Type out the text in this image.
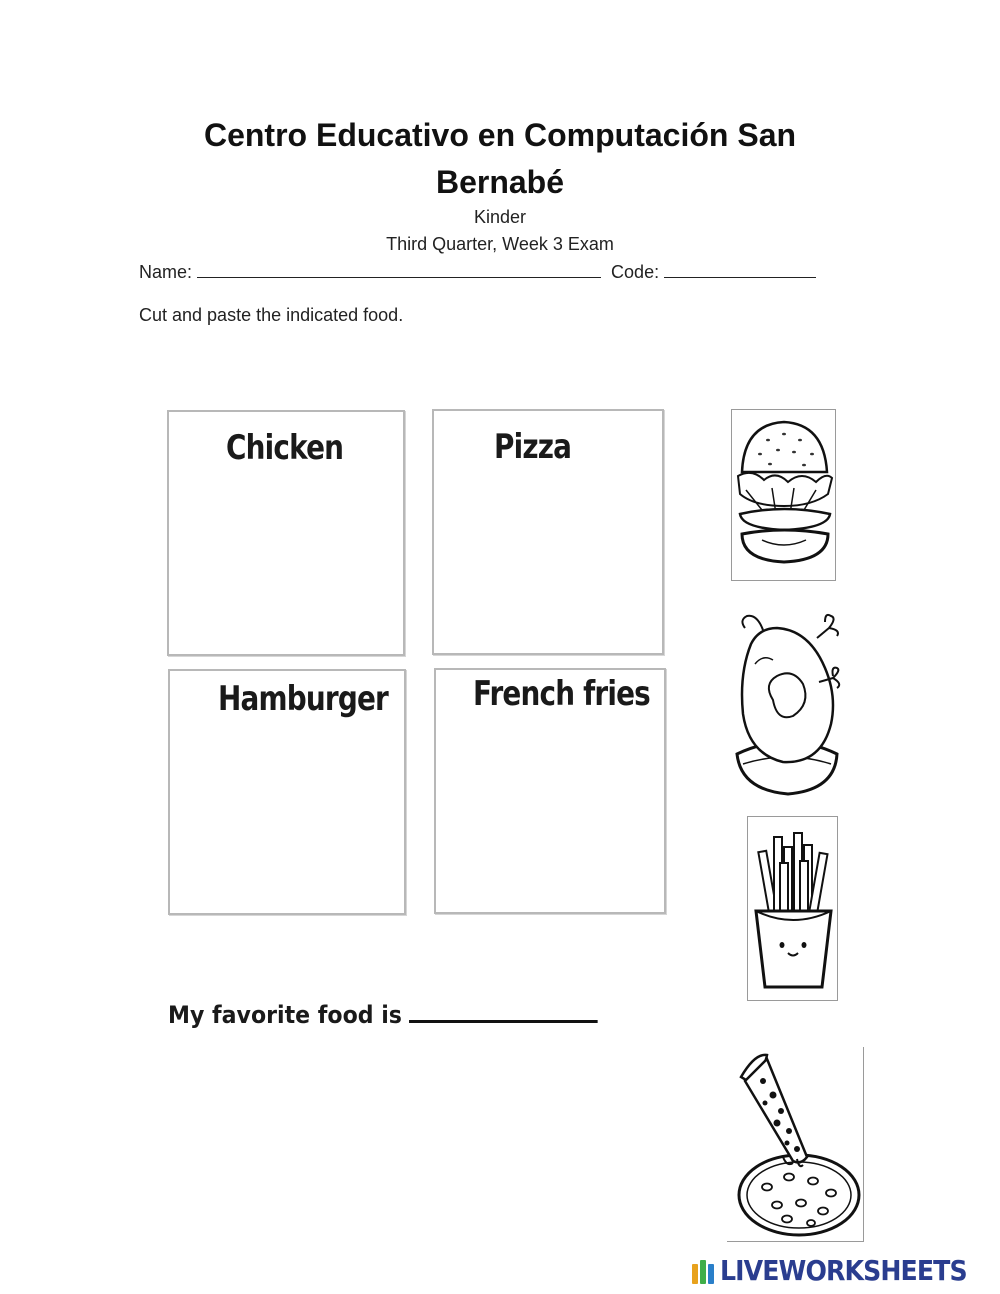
Centro Educativo en Computación San Bernabé
Kinder
Third Quarter, Week 3 Exam
Name:	Code:
Cut and paste the indicated food.
Chicken	Pizza
Hamburger	French fries
My favorite food is
LIVEWORKSHEETS
